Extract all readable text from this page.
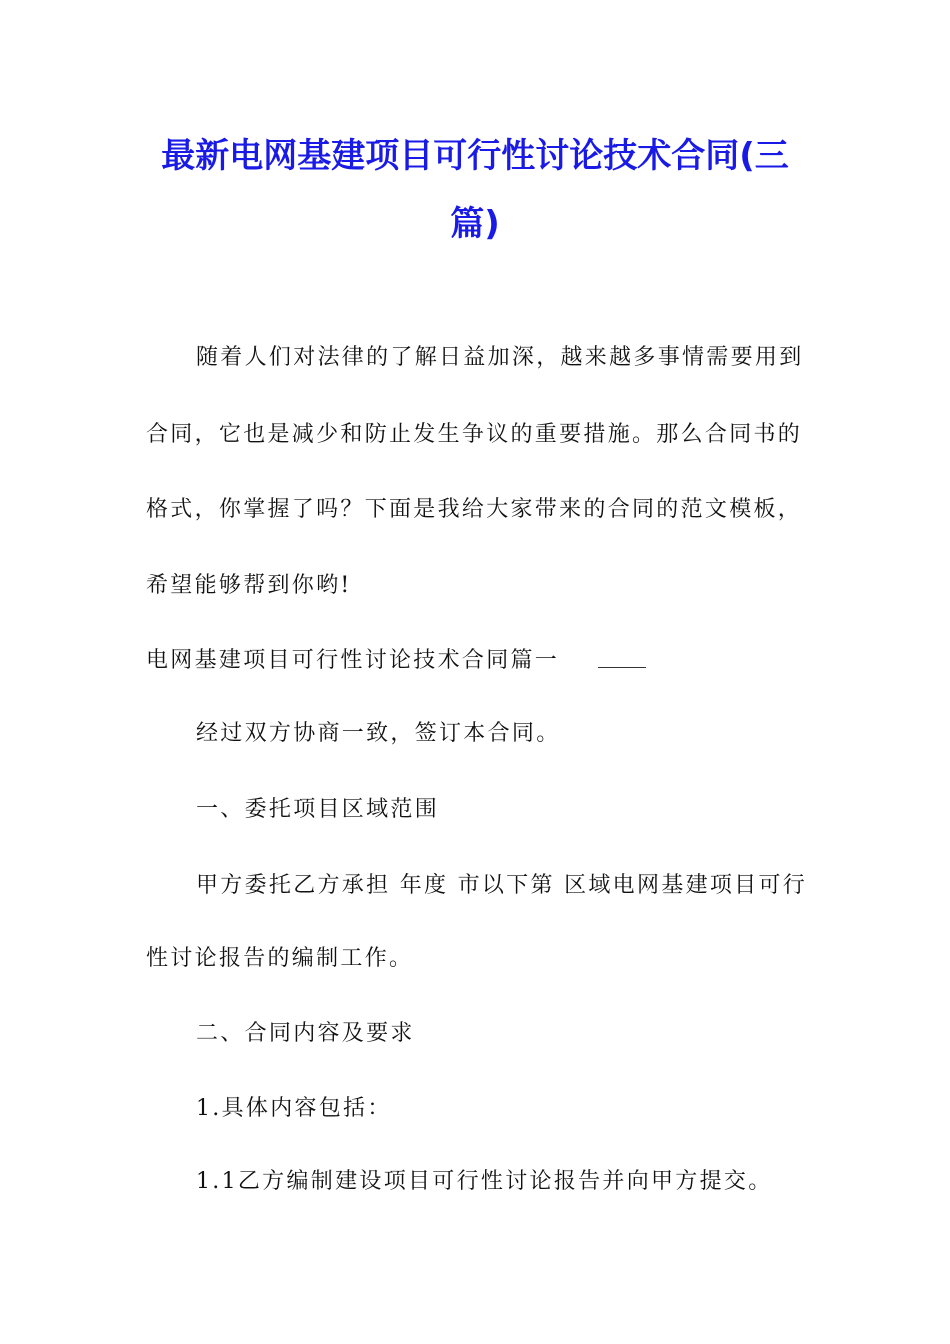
最新电网基建项目可行性讨论技术合同(三
篇)
随着人们对法律的了解日益加深，越来越多事情需要用到
合同，它也是减少和防止发生争议的重要措施。那么合同书的
格式，你掌握了吗？下面是我给大家带来的合同的范文模板，
希望能够帮到你哟!
电网基建项目可行性讨论技术合同篇一
经过双方协商一致，签订本合同。
一、委托项目区域范围
甲方委托乙方承担 年度 市以下第 区域电网基建项目可行
性讨论报告的编制工作。
二、合同内容及要求
1.具体内容包括：
1.1乙方编制建设项目可行性讨论报告并向甲方提交。
